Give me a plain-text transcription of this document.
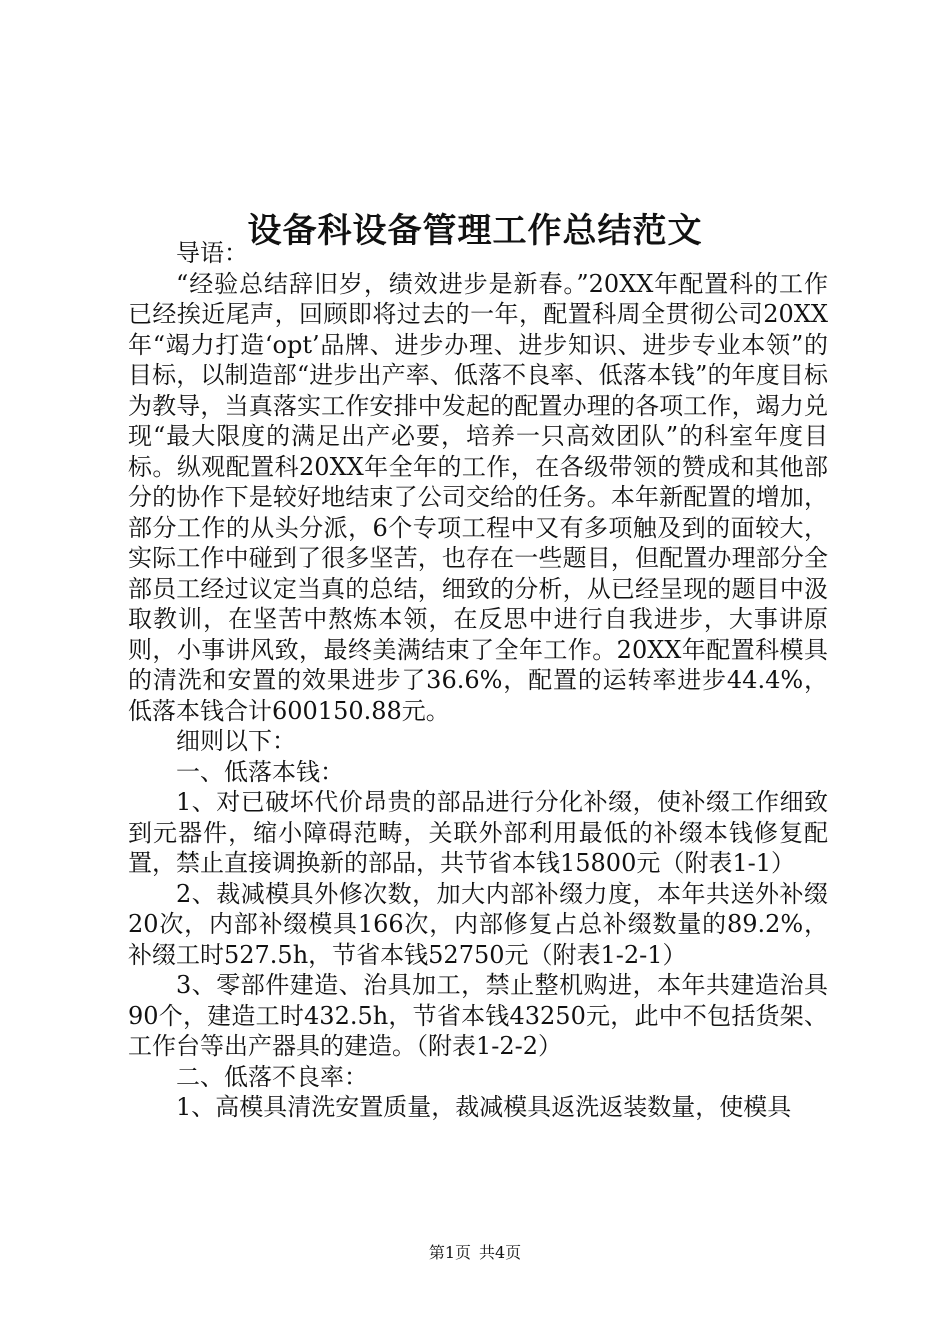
设备科设备管理工作总结范文

导语：

“经验总结辞旧岁，绩效进步是新春。”20XX年配置科的工作已经挨近尾声，回顾即将过去的一年，配置科周全贯彻公司20XX年“竭力打造‘opt’品牌、进步办理、进步知识、进步专业本领”的目标，以制造部“进步出产率、低落不良率、低落本钱”的年度目标为教导，当真落实工作安排中发起的配置办理的各项工作，竭力兑现“最大限度的满足出产必要，培养一只高效团队”的科室年度目标。纵观配置科20XX年全年的工作，在各级带领的赞成和其他部分的协作下是较好地结束了公司交给的任务。本年新配置的增加，部分工作的从头分派，6个专项工程中又有多项触及到的面较大，实际工作中碰到了很多坚苦，也存在一些题目，但配置办理部分全部员工经过议定当真的总结，细致的分析，从已经呈现的题目中汲取教训，在坚苦中熬炼本领，在反思中进行自我进步，大事讲原则，小事讲风致，最终美满结束了全年工作。20XX年配置科模具的清洗和安置的效果进步了36.6%，配置的运转率进步44.4%，低落本钱合计600150.88元。

细则以下：

一、低落本钱：

1、对已破坏代价昂贵的部品进行分化补缀，使补缀工作细致到元器件，缩小障碍范畴，关联外部利用最低的补缀本钱修复配置，禁止直接调换新的部品，共节省本钱15800元（附表1-1）

2、裁减模具外修次数，加大内部补缀力度，本年共送外补缀20次，内部补缀模具166次，内部修复占总补缀数量的89.2%，补缀工时527.5h，节省本钱52750元（附表1-2-1）

3、零部件建造、治具加工，禁止整机购进，本年共建造治具90个，建造工时432.5h，节省本钱43250元，此中不包括货架、工作台等出产器具的建造。（附表1-2-2）

二、低落不良率：

1、高模具清洗安置质量，裁减模具返洗返装数量，使模具

第1页 共4页
